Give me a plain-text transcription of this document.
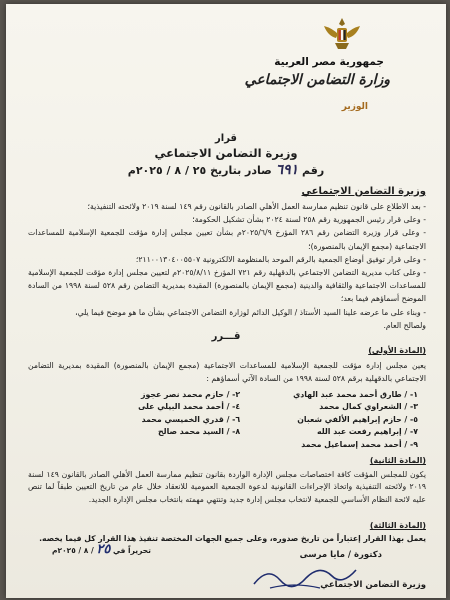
جمهورية مصر العربية
وزارة التضامن الاجتماعي
الوزير
قرار
وزيرة التضامن الاجتماعي
رقم ٦٩١ صادر بتاريخ ٢٥ / ٨ / ٢٠٢٥م
وزيرة التضامن الاجتماعي

- بعد الاطلاع على قانون تنظيم ممارسة العمل الأهلي الصادر بالقانون رقم ١٤٩ لسنة ٢٠١٩ ولائحته التنفيذية؛

- وعلى قرار رئيس الجمهورية رقم ٢٥٨ لسنة ٢٠٢٤ بشأن تشكيل الحكومة؛

- وعلى قرار وزيرة التضامن رقم ٢٨٦ المؤرخ ٢٠٢٥/٦/٩م بشأن تعيين مجلس إدارة مؤقت للجمعية الإسلامية للمساعدات الاجتماعية (مجمع الإيمان بالمنصورة)؛

- وعلى قرار توفيق أوضاع الجمعية بالرقم الموحد بالمنظومة الالكترونية ٢١١٠٠١٣٠٤٠٠٥٥٠٧؛

- وعلى كتاب مديرية التضامن الاجتماعي بالدقهلية رقم ٧٢١ المؤرخ ٢٠٢٥/٨/١١م لتعيين مجلس إدارة مؤقت للجمعية الإسلامية للمساعدات الاجتماعية والثقافية والدينية (مجمع الإيمان بالمنصورة) المقيدة بمديرية التضامن رقم ٥٢٨ لسنة ١٩٩٨ من السادة الموضح أسماؤهم فيما بعد؛

- وبناء على ما عرضه علينا السيد الأستاذ / الوكيل الدائم لوزارة التضامن الاجتماعي بشأن ما هو موضح فيما يلي،

ولصالح العام.

قـــرر
(المادة الأولى)
يعين مجلس إدارة مؤقت للجمعية الإسلامية للمساعدات الاجتماعية (مجمع الإيمان بالمنصورة) المقيدة بمديرية التضامن الاجتماعي بالدقهلية برقم ٥٢٨ لسنة ١٩٩٨ من السادة الآتي أسماؤهم :
١- / طارق أحمد محمد عبد الهادي
٣- / الشعراوي كمال محمد
٥- / حازم إبراهيم الألفي شعبان
٧- / إبراهيم رفعت عبد الله
٩- / أحمد محمد إسماعيل محمد
٢- / حازم محمد نصر عجوز
٤- / أحمد محمد البيلي على
٦- / قدري الخميسي محمد
٨- / السيد محمد صالح
(المادة الثانية)
يكون للمجلس المؤقت كافة اختصاصات مجلس الإدارة الواردة بقانون تنظيم ممارسة العمل الأهلي الصادر بالقانون ١٤٩ لسنة ٢٠١٩ ولائحته التنفيذية واتخاذ الإجراءات القانونية لدعوة الجمعية العمومية للانعقاد خلال عام من تاريخ التعيين طبقاً لما تنص عليه لائحة النظام الأساسي للجمعية لانتخاب مجلس إدارة جديد وتنتهي مهمته بانتخاب مجلس الإدارة الجديد.
(المادة الثالثة)
يعمل بهذا القرار إعتباراً من تاريخ صدوره، وعلى جميع الجهات المختصة تنفيذ هذا القرار كل فيما يخصه.
دكتورة / مايا مرسى
وزيرة التضامن الاجتماعي
تحريراً في ٢٥ / ٨ / ٢٠٢٥م
